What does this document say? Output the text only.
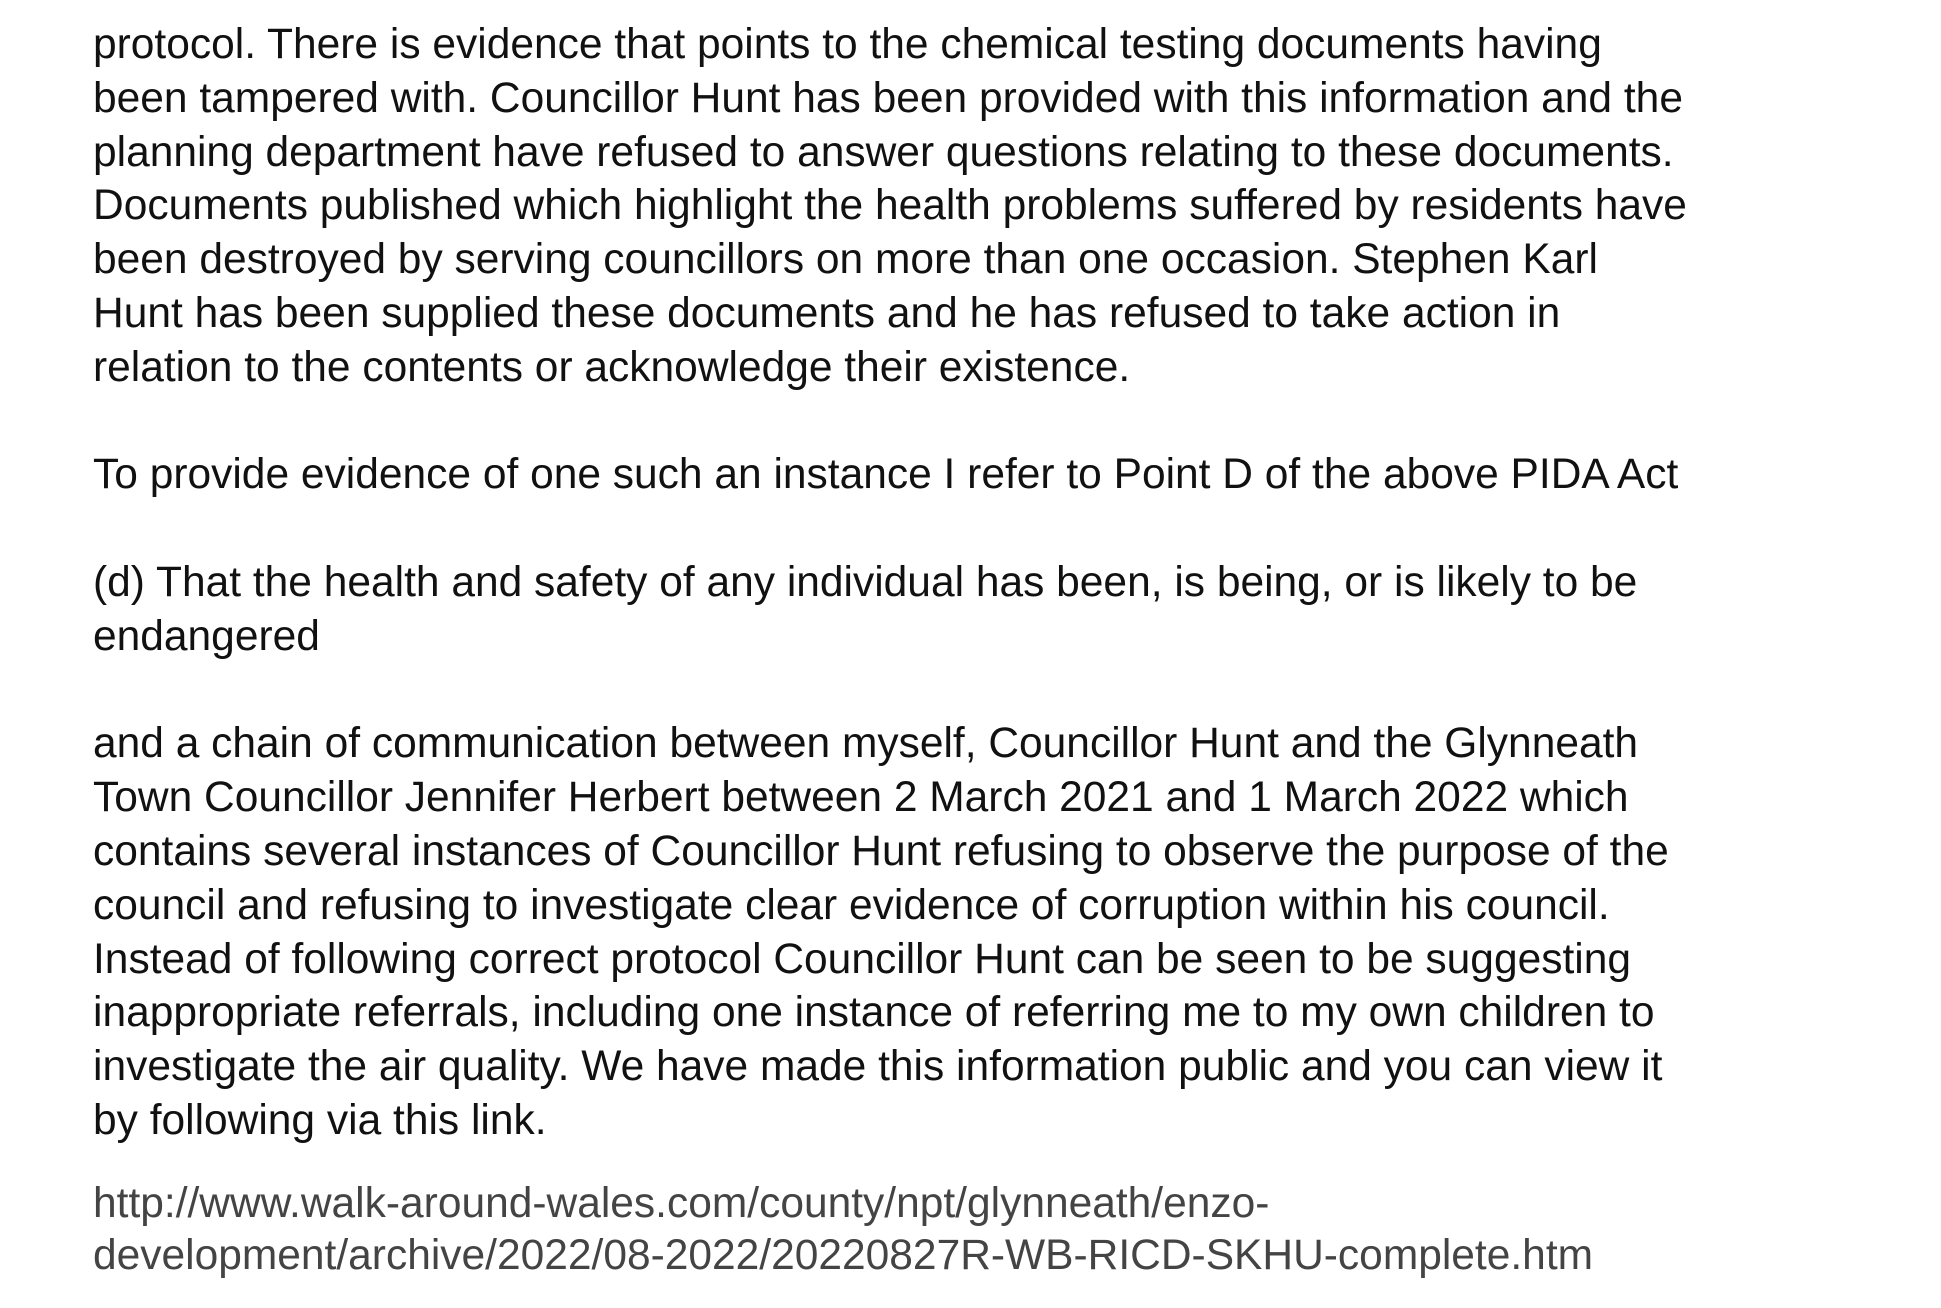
protocol. There is evidence that points to the chemical testing documents having
been tampered with. Councillor Hunt has been provided with this information and the
planning department have refused to answer questions relating to these documents.
Documents published which highlight the health problems suffered by residents have
been destroyed by serving councillors on more than one occasion. Stephen Karl
Hunt has been supplied these documents and he has refused to take action in
relation to the contents or acknowledge their existence.

To provide evidence of one such an instance I refer to Point D of the above PIDA Act

(d) That the health and safety of any individual has been, is being, or is likely to be
endangered

and a chain of communication between myself, Councillor Hunt and the Glynneath
Town Councillor Jennifer Herbert between 2 March 2021 and 1 March 2022 which
contains several instances of Councillor Hunt refusing to observe the purpose of the
council and refusing to investigate clear evidence of corruption within his council.
Instead of following correct protocol Councillor Hunt can be seen to be suggesting
inappropriate referrals, including one instance of referring me to my own children to
investigate the air quality. We have made this information public and you can view it
by following via this link.

http://www.walk-around-wales.com/county/npt/glynneath/enzo-
development/archive/2022/08-2022/20220827R-WB-RICD-SKHU-complete.htm
